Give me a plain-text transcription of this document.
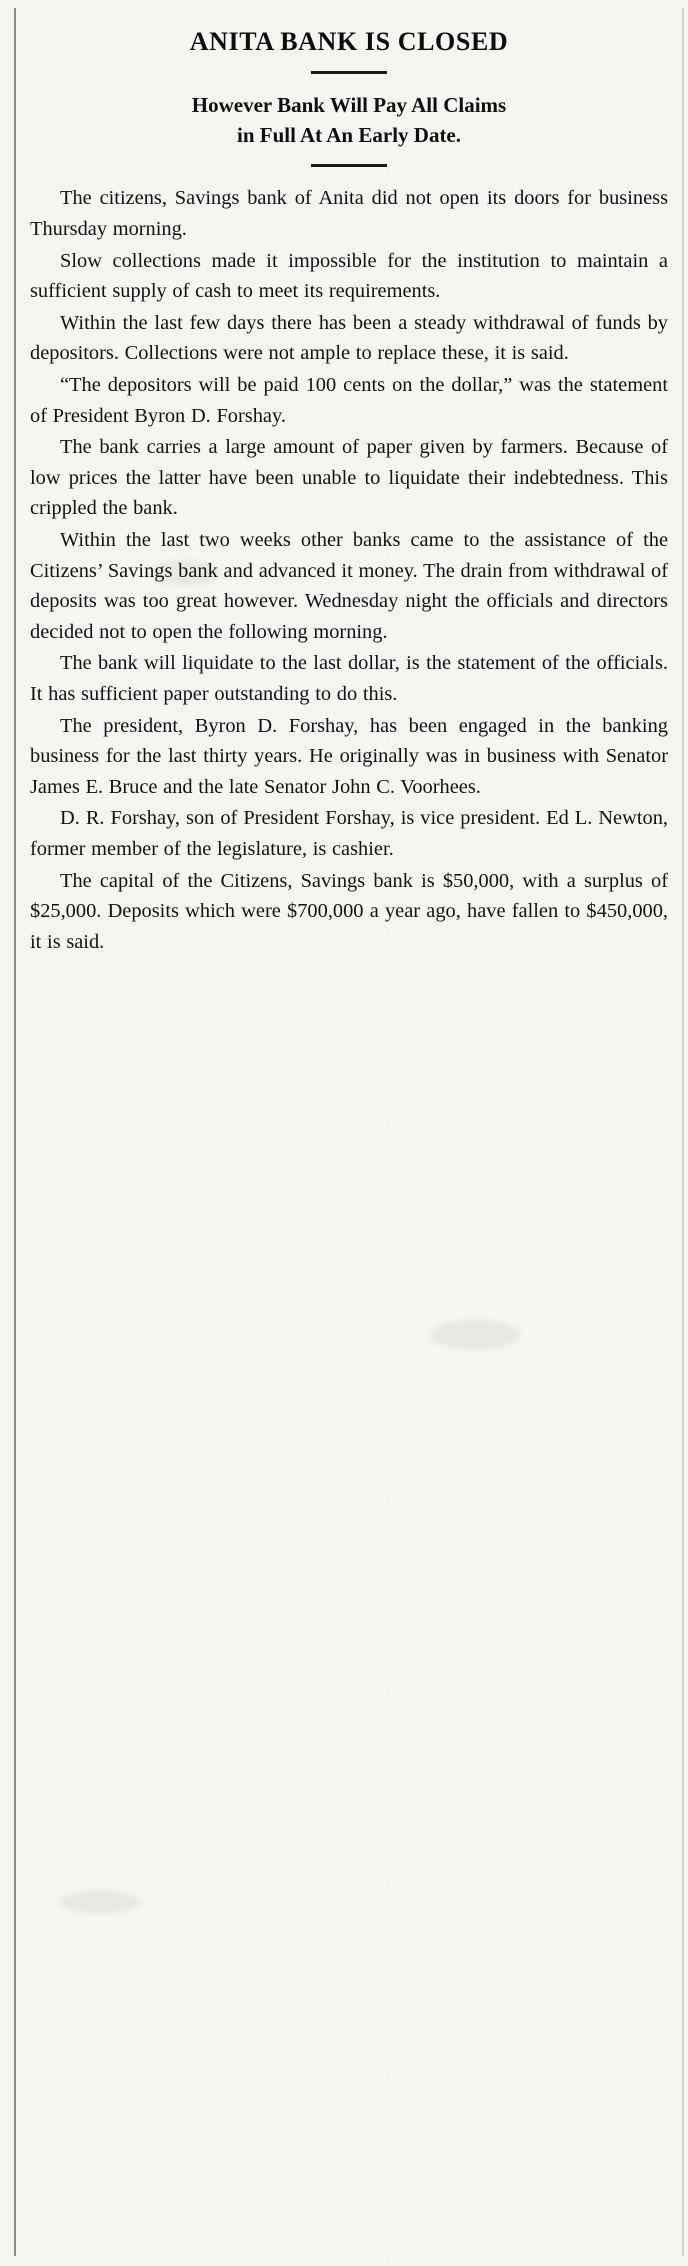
ANITA BANK IS CLOSED
However Bank Will Pay All Claims
in Full At An Early Date.

The citizens, Savings bank of Anita did not open its doors for business Thursday morning.

Slow collections made it impossible for the institution to maintain a sufficient supply of cash to meet its requirements.

Within the last few days there has been a steady withdrawal of funds by depositors. Collections were not ample to replace these, it is said.

“The depositors will be paid 100 cents on the dollar,” was the statement of President Byron D. Forshay.

The bank carries a large amount of paper given by farmers. Because of low prices the latter have been unable to liquidate their indebtedness. This crippled the bank.

Within the last two weeks other banks came to the assistance of the Citizens’ Savings bank and advanced it money. The drain from withdrawal of deposits was too great however. Wednesday night the officials and directors decided not to open the following morning.

The bank will liquidate to the last dollar, is the statement of the officials. It has sufficient paper outstanding to do this.

The president, Byron D. Forshay, has been engaged in the banking business for the last thirty years. He originally was in business with Senator James E. Bruce and the late Senator John C. Voorhees.

D. R. Forshay, son of President Forshay, is vice president. Ed L. Newton, former member of the legislature, is cashier.

The capital of the Citizens, Savings bank is $50,000, with a surplus of $25,000. Deposits which were $700,000 a year ago, have fallen to $450,000, it is said.
